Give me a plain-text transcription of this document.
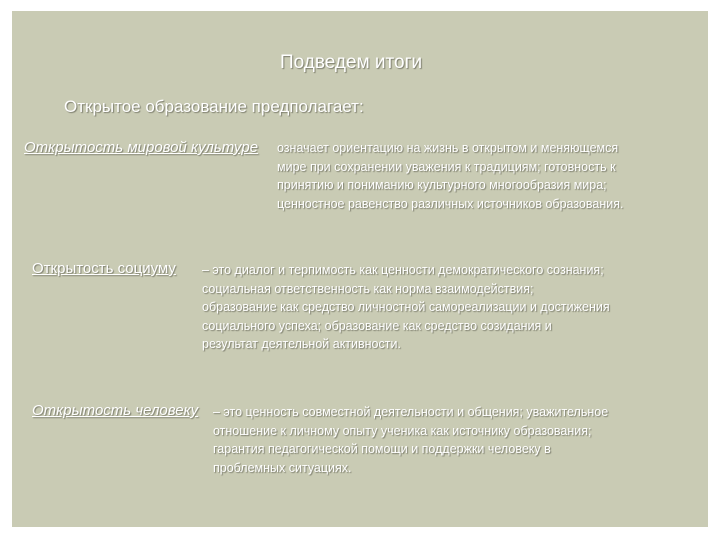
Подведем итоги
Открытое образование предполагает:
Открытость мировой культуре означает ориентацию на жизнь в открытом и меняющемся
мире при сохранении уважения к традициям; готовность к
принятию и пониманию культурного многообразия мира;
ценностное равенство различных источников образования.
Открытость социуму – это диалог и терпимость как ценности демократического сознания;
социальная ответственность как норма взаимодействия;
образование как средство личностной самореализации и достижения
социального успеха; образование как средство созидания и
результат деятельной активности.
Открытость человеку – это ценность совместной деятельности и общения; уважительное
отношение к личному опыту ученика как источнику образования;
гарантия педагогической помощи и поддержки человеку в
проблемных ситуациях.
